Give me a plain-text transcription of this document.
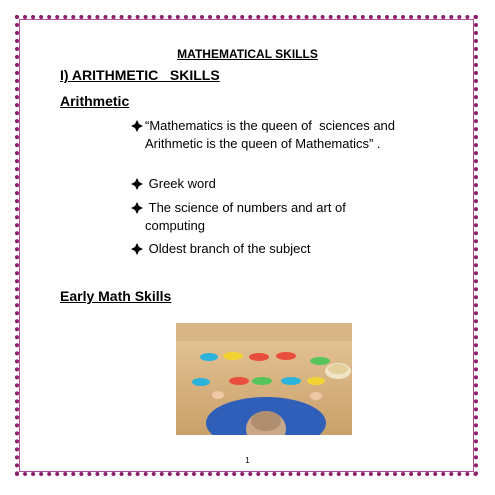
MATHEMATICAL SKILLS
I) ARITHMETIC   SKILLS
Arithmetic
“Mathematics is the queen of  sciences and Arithmetic is the queen of Mathematics” .
Greek word
The science of numbers and art of computing
Oldest branch of the subject
Early Math Skills
1
